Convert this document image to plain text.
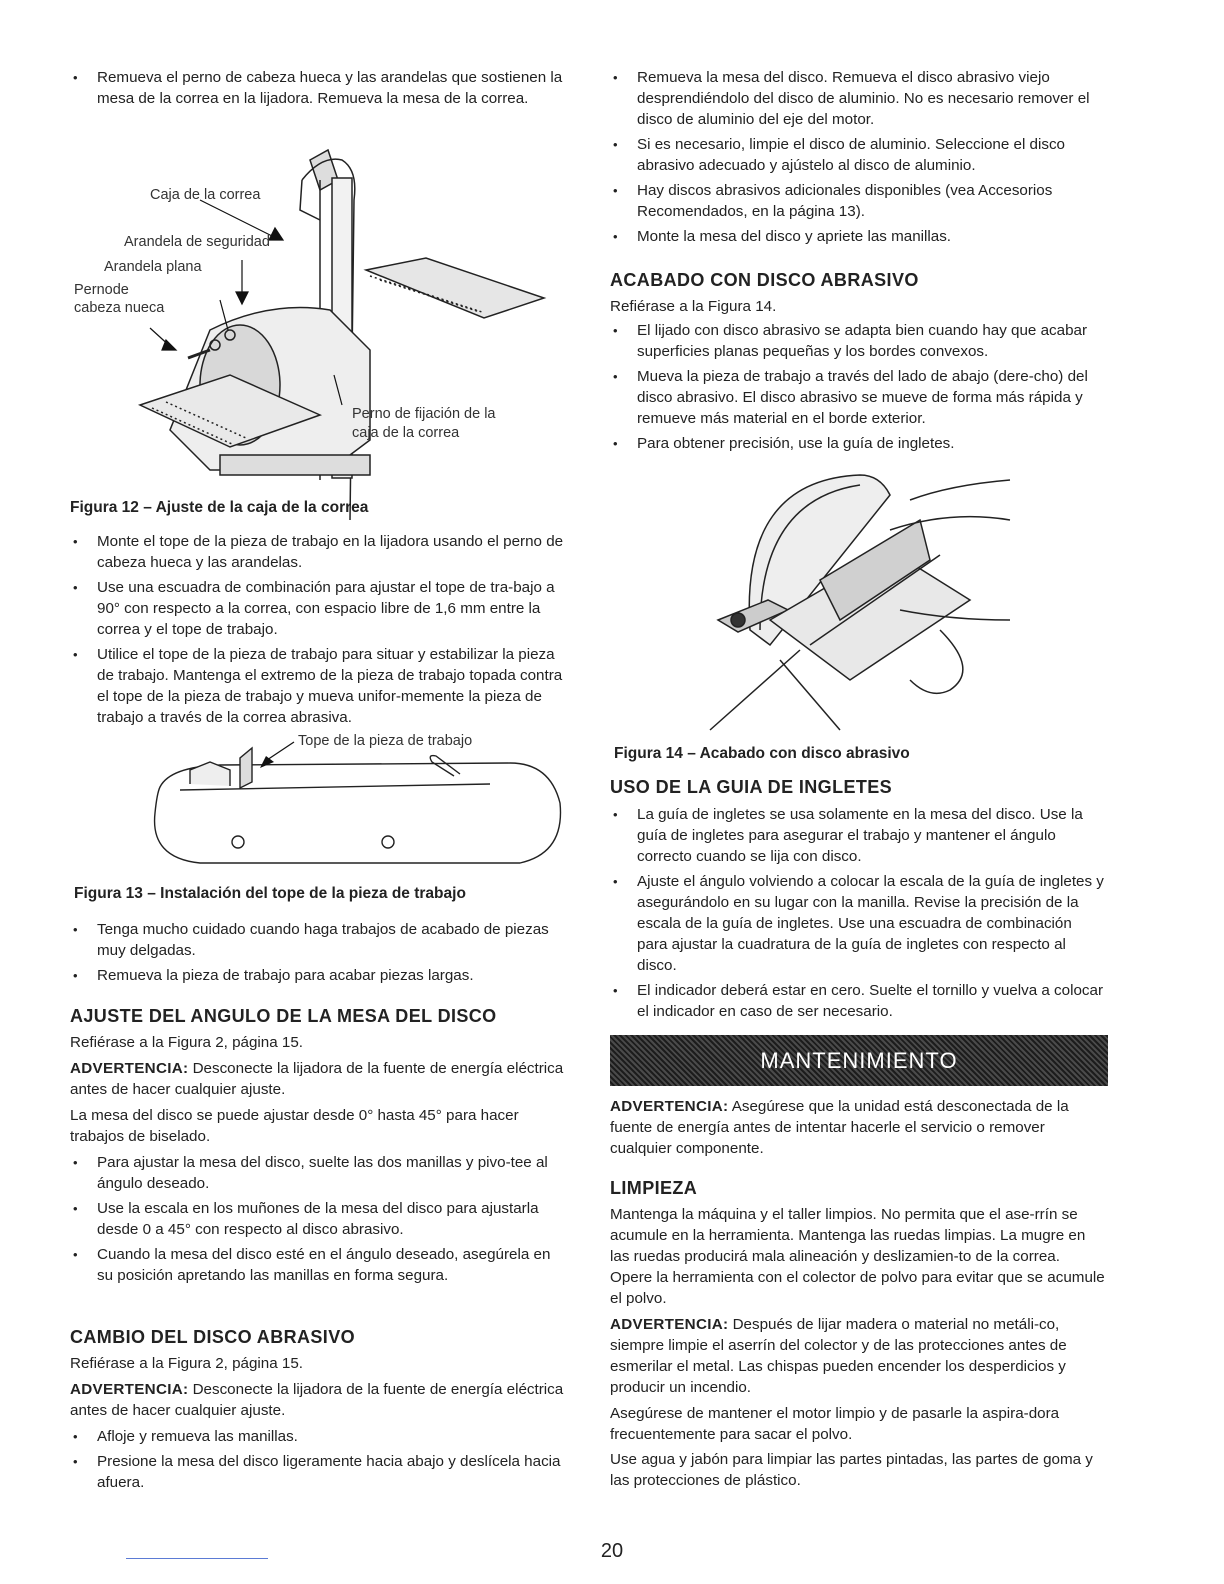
• Remueva el perno de cabeza hueca y las arandelas que sostienen la mesa de la correa en la lijadora. Remueva la mesa de la correa.
Caja de la correa
Arandela de seguridad
Arandela plana
Pernode
cabeza nueca
Perno de fijación de la
caja de la correa

Figura 12 – Ajuste de la caja de la correa

• Monte el tope de la pieza de trabajo en la lijadora usando el perno de cabeza hueca y las arandelas.
• Use una escuadra de combinación para ajustar el tope de tra-bajo a 90° con respecto a la correa, con espacio libre de 1,6 mm entre la correa y el tope de trabajo.
• Utilice el tope de la pieza de trabajo para situar y estabilizar la pieza de trabajo. Mantenga el extremo de la pieza de trabajo topada contra el tope de la pieza de trabajo y mueva unifor-memente la pieza de trabajo a través de la correa abrasiva.
Tope de la pieza de trabajo

Figura 13 – Instalación del tope de la pieza de trabajo

• Tenga mucho cuidado cuando haga trabajos de acabado de piezas muy delgadas.
• Remueva la pieza de trabajo para acabar piezas largas.
AJUSTE DEL ANGULO DE LA MESA DEL DISCO

Refiérase a la Figura 2, página 15.

ADVERTENCIA: Desconecte la lijadora de la fuente de energía eléctrica antes de hacer cualquier ajuste.

La mesa del disco se puede ajustar desde 0° hasta 45° para hacer trabajos de biselado.

• Para ajustar la mesa del disco, suelte las dos manillas y pivo-tee al ángulo deseado.
• Use la escala en los muñones de la mesa del disco para ajustarla desde 0 a 45° con respecto al disco abrasivo.
• Cuando la mesa del disco esté en el ángulo deseado, asegúrela en su posición apretando las manillas en forma segura.
CAMBIO DEL DISCO ABRASIVO

Refiérase a la Figura 2, página 15.

ADVERTENCIA: Desconecte la lijadora de la fuente de energía eléctrica antes de hacer cualquier ajuste.

• Afloje y remueva las manillas.
• Presione la mesa del disco ligeramente hacia abajo y deslícela hacia afuera.
• Remueva la mesa del disco. Remueva el disco abrasivo viejo desprendiéndolo del disco de aluminio. No es necesario remover el disco de aluminio del eje del motor.
• Si es necesario, limpie el disco de aluminio. Seleccione el disco abrasivo adecuado y ajústelo al disco de aluminio.
• Hay discos abrasivos adicionales disponibles (vea Accesorios Recomendados, en la página 13).
• Monte la mesa del disco y apriete las manillas.
ACABADO CON DISCO ABRASIVO

Refiérase a la Figura 14.

• El lijado con disco abrasivo se adapta bien cuando hay que acabar superficies planas pequeñas y los bordes convexos.
• Mueva la pieza de trabajo a través del lado de abajo (dere-cho) del disco abrasivo. El disco abrasivo se mueve de forma más rápida y remueve más material en el borde exterior.
• Para obtener precisión, use la guía de ingletes.

Figura 14 – Acabado con disco abrasivo

USO DE LA GUIA DE INGLETES
• La guía de ingletes se usa solamente en la mesa del disco. Use la guía de ingletes para asegurar el trabajo y mantener el ángulo correcto cuando se lija con disco.
• Ajuste el ángulo volviendo a colocar la escala de la guía de ingletes y asegurándolo en su lugar con la manilla. Revise la precisión de la escala de la guía de ingletes. Use una escuadra de combinación para ajustar la cuadratura de la guía de ingletes con respecto al disco.
• El indicador deberá estar en cero. Suelte el tornillo y vuelva a colocar el indicador en caso de ser necesario.

ADVERTENCIA: Asegúrese que la unidad está desconectada de la fuente de energía antes de intentar hacerle el servicio o remover cualquier componente.

LIMPIEZA

Mantenga la máquina y el taller limpios. No permita que el ase-rrín se acumule en la herramienta. Mantenga las ruedas limpias. La mugre en las ruedas producirá mala alineación y deslizamien-to de la correa. Opere la herramienta con el colector de polvo para evitar que se acumule el polvo.

ADVERTENCIA: Después de lijar madera o material no metáli-co, siempre limpie el aserrín del colector y de las protecciones antes de esmerilar el metal. Las chispas pueden encender los desperdicios y producir un incendio.

Asegúrese de mantener el motor limpio y de pasarle la aspira-dora frecuentemente para sacar el polvo.

Use agua y jabón para limpiar las partes pintadas, las partes de goma y las protecciones de plástico.

MANTENIMIENTO
20
